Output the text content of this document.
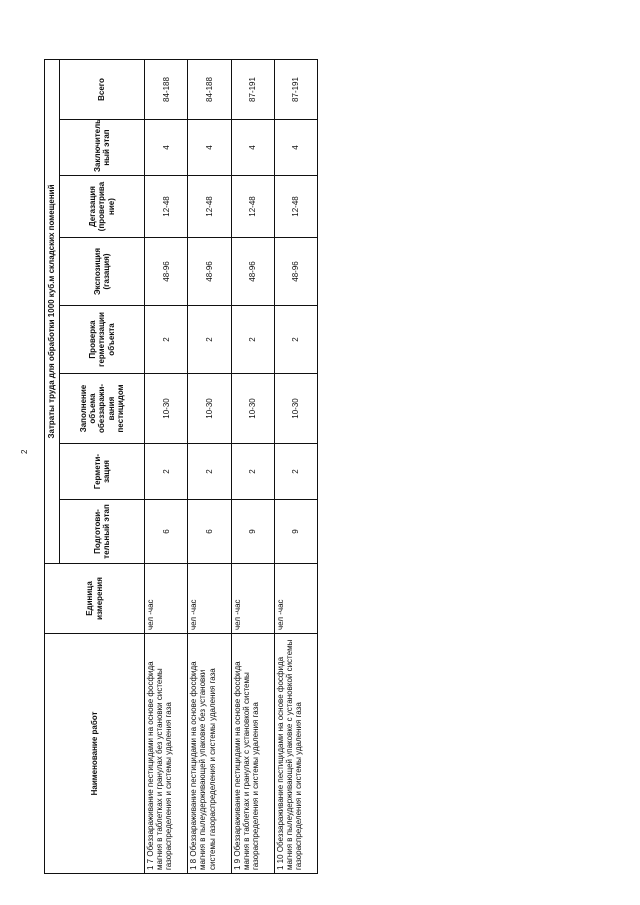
2
Наименование работ	Единица измерения	Затраты труда для обработки 1000 куб.м складских помещений							
		Подготови-тельный этап	Гермети-зация	Заполнение объема обеззаражи-вания пестицидом	Проверка герметизации объекта	Экспозиция (газация)	Дегазация (проветрива ние)	Заключитель ный этап	Всего
1 7 Обеззараживание пестицидами на основе фосфида магния в таблетках и гранулах без установки системы газораспределения и системы удаления газа	чел -час	6	2	10-30	2	48-96	12-48	4	84-188
1 8 Обеззараживание пестицидами на основе фосфида магния в пылеудерживающей упаковке без установки системы газораспределения и системы удаления газа	чел -час	6	2	10-30	2	48-96	12-48	4	84-188
1 9 Обеззараживание пестицидами на основе фосфида магния в таблетках и гранулах с установкой системы газораспределения и системы удаления газа	чел -час	9	2	10-30	2	48-96	12-48	4	87-191
1 10 Обеззараживание пестицидами на основе фосфида магния в пылеудерживающей упаковке с установкой системы газораспределения и системы удаления газа	чел -час	9	2	10-30	2	48-96	12-48	4	87-191
